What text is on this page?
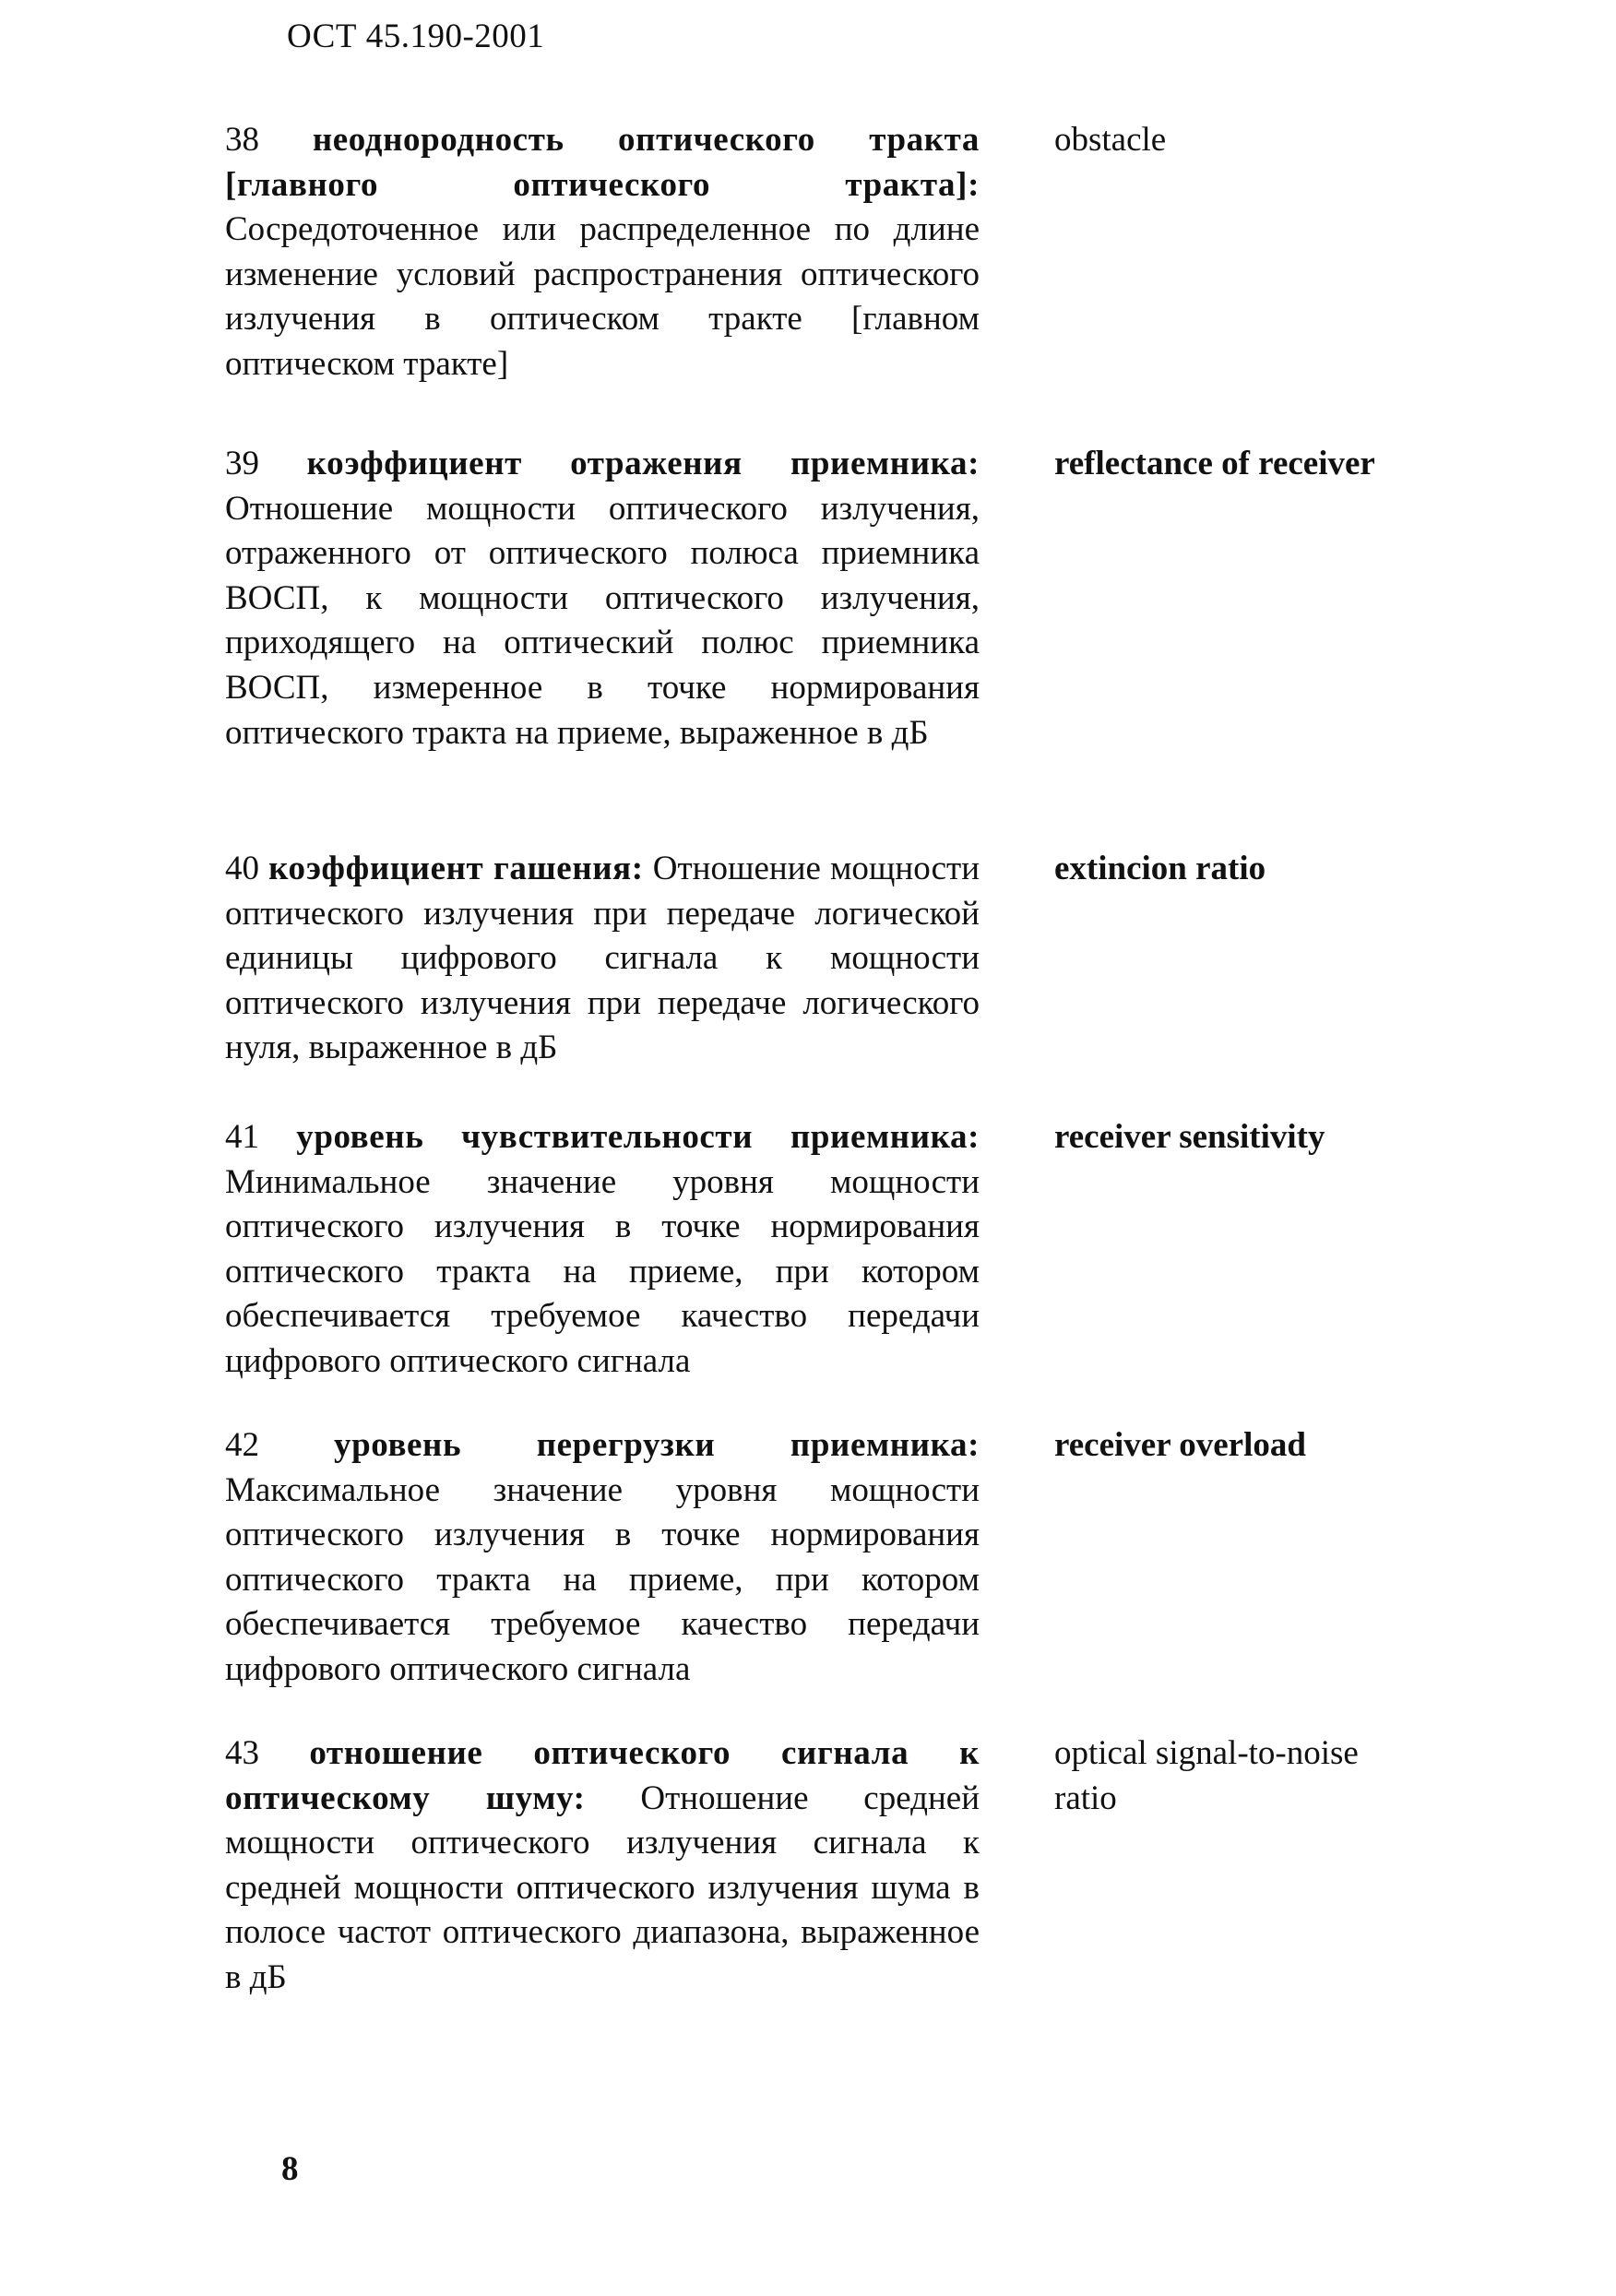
ОСТ 45.190-2001
38 неоднородность оптического тракта [главного оптического тракта]: Сосредоточенное или распределенное по длине изменение условий распространения оптического излучения в оптическом тракте [главном оптическом тракте]
obstacle
39 коэффициент отражения приемника: Отношение мощности оптического излучения, отраженного от оптического полюса приемника ВОСП, к мощности оптического излучения, приходящего на оптический полюс приемника ВОСП, измеренное в точке нормирования оптического тракта на приеме, выраженное в дБ
reflectance of receiver
40 коэффициент гашения: Отношение мощности оптического излучения при передаче логической единицы цифрового сигнала к мощности оптического излучения при передаче логического нуля, выраженное в дБ
extincion ratio
41 уровень чувствительности приемника: Минимальное значение уровня мощности оптического излучения в точке нормирования оптического тракта на приеме, при котором обеспечивается требуемое качество передачи цифрового оптического сигнала
receiver sensitivity
42 уровень перегрузки приемника: Максимальное значение уровня мощности оптического излучения в точке нормирования оптического тракта на приеме, при котором обеспечивается требуемое качество передачи цифрового оптического сигнала
receiver overload
43 отношение оптического сигнала к оптическому шуму: Отношение средней мощности оптического излучения сигнала к средней мощности оптического излучения шума в полосе частот оптического диапазона, выраженное в дБ
optical signal-to-noise ratio
8
